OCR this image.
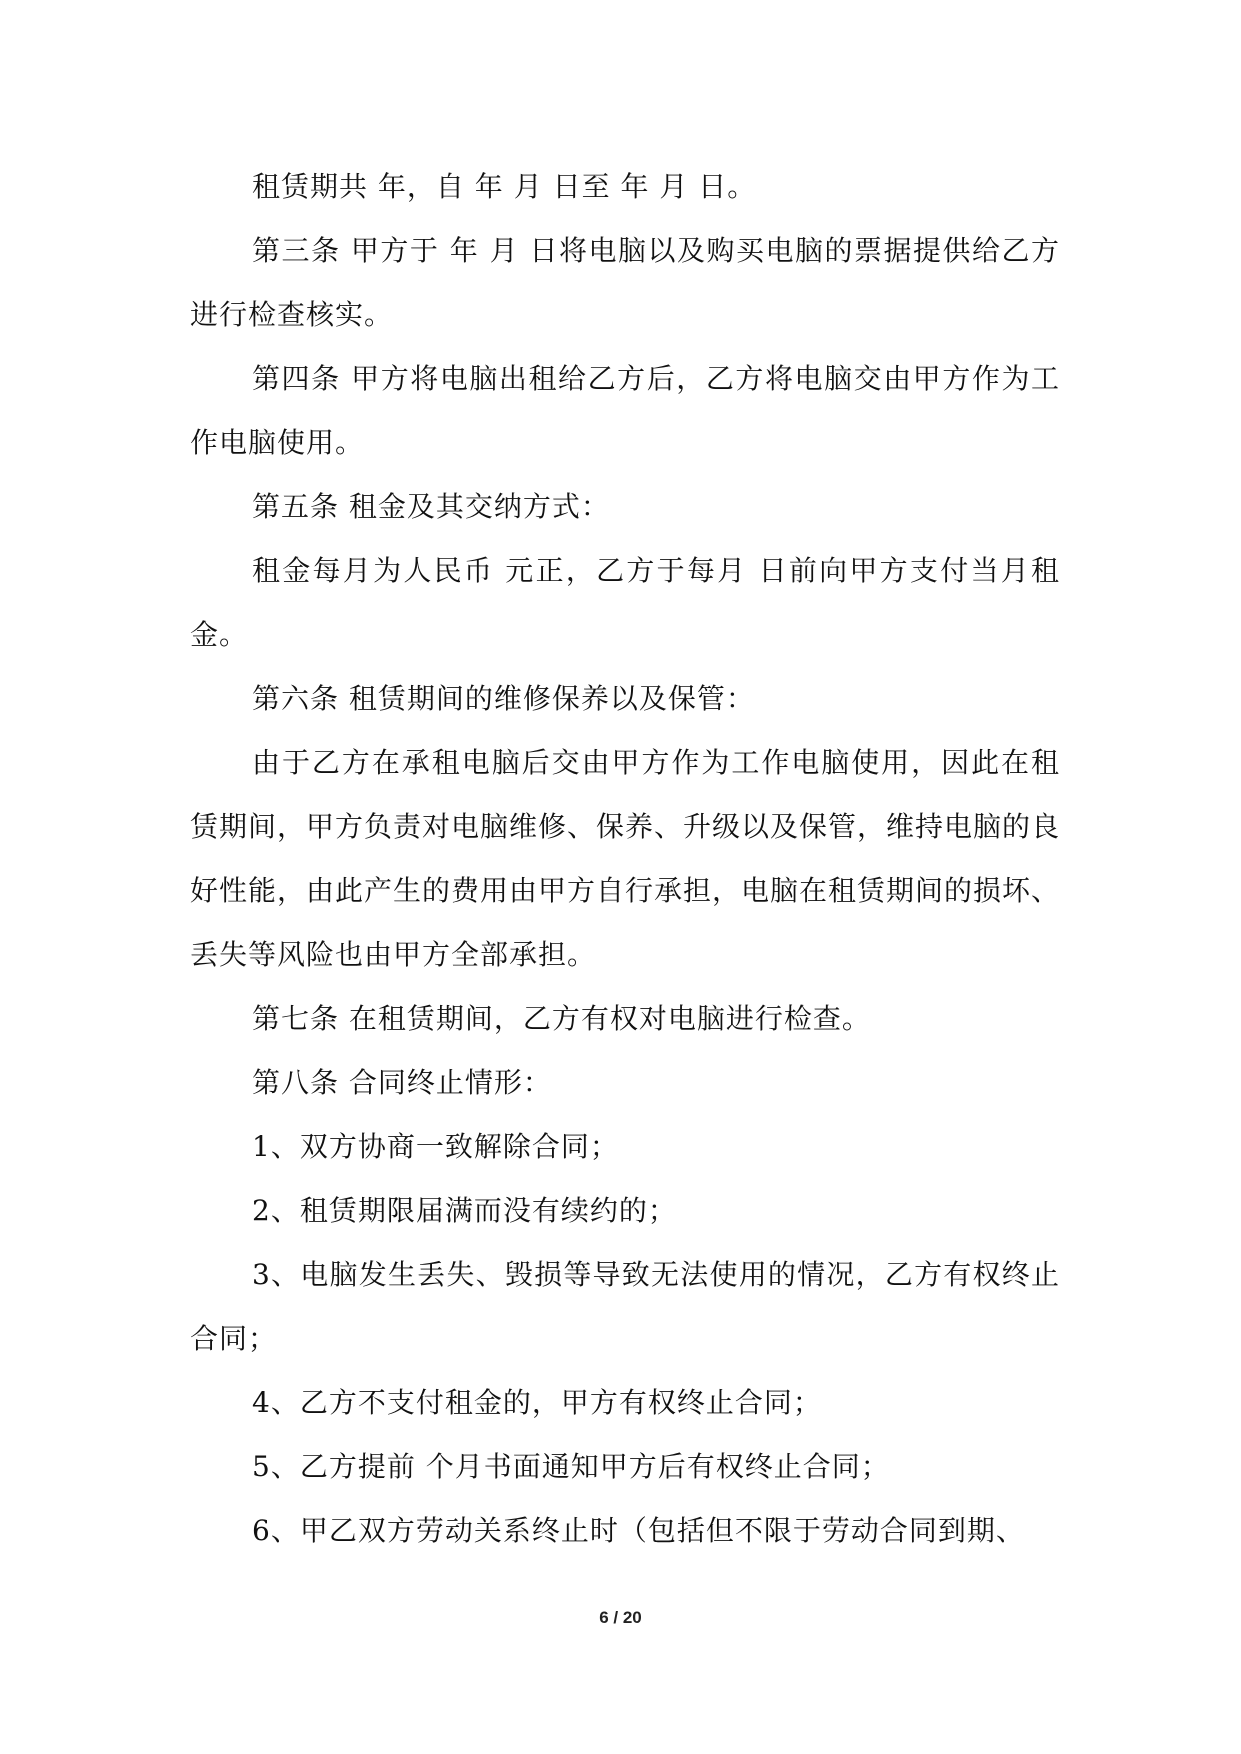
租赁期共 年，自 年 月 日至 年 月 日。

第三条 甲方于 年 月 日将电脑以及购买电脑的票据提供给乙方进行检查核实。

第四条 甲方将电脑出租给乙方后，乙方将电脑交由甲方作为工作电脑使用。

第五条 租金及其交纳方式：

租金每月为人民币 元正，乙方于每月 日前向甲方支付当月租金。

第六条 租赁期间的维修保养以及保管：

由于乙方在承租电脑后交由甲方作为工作电脑使用，因此在租赁期间，甲方负责对电脑维修、保养、升级以及保管，维持电脑的良好性能，由此产生的费用由甲方自行承担，电脑在租赁期间的损坏、丢失等风险也由甲方全部承担。

第七条 在租赁期间，乙方有权对电脑进行检查。

第八条 合同终止情形：

1、双方协商一致解除合同；

2、租赁期限届满而没有续约的；

3、电脑发生丢失、毁损等导致无法使用的情况，乙方有权终止合同；

4、乙方不支付租金的，甲方有权终止合同；

5、乙方提前 个月书面通知甲方后有权终止合同；

6、甲乙双方劳动关系终止时（包括但不限于劳动合同到期、

6 / 20
